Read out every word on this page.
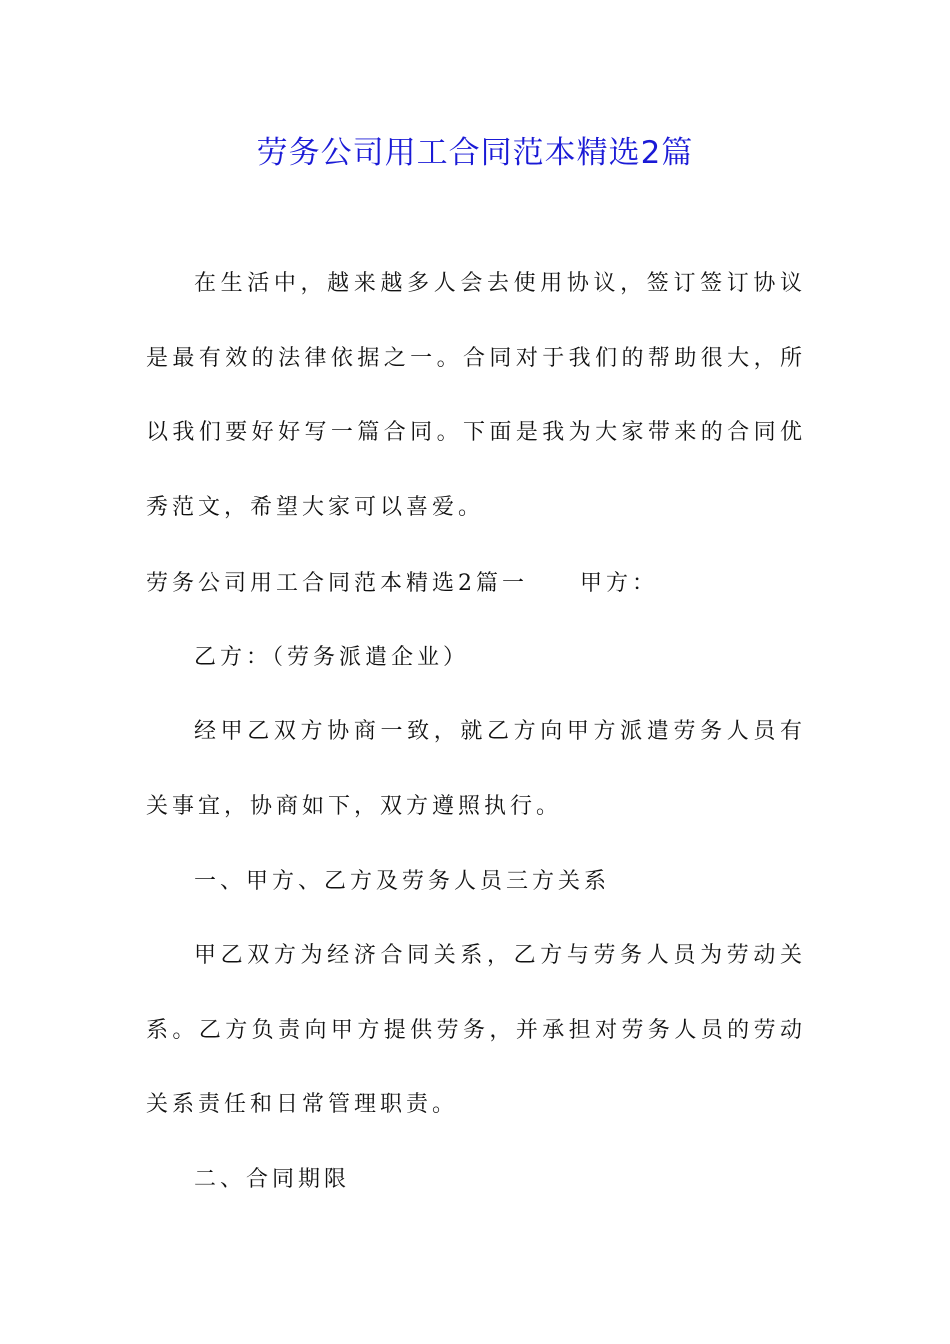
劳务公司用工合同范本精选2篇

在生活中，越来越多人会去使用协议，签订签订协议是最有效的法律依据之一。合同对于我们的帮助很大，所以我们要好好写一篇合同。下面是我为大家带来的合同优秀范文，希望大家可以喜爱。

劳务公司用工合同范本精选2篇一 甲方：
乙方：（劳务派遣企业）

经甲乙双方协商一致，就乙方向甲方派遣劳务人员有关事宜，协商如下，双方遵照执行。

一、甲方、乙方及劳务人员三方关系

甲乙双方为经济合同关系，乙方与劳务人员为劳动关系。乙方负责向甲方提供劳务，并承担对劳务人员的劳动关系责任和日常管理职责。

二、合同期限
